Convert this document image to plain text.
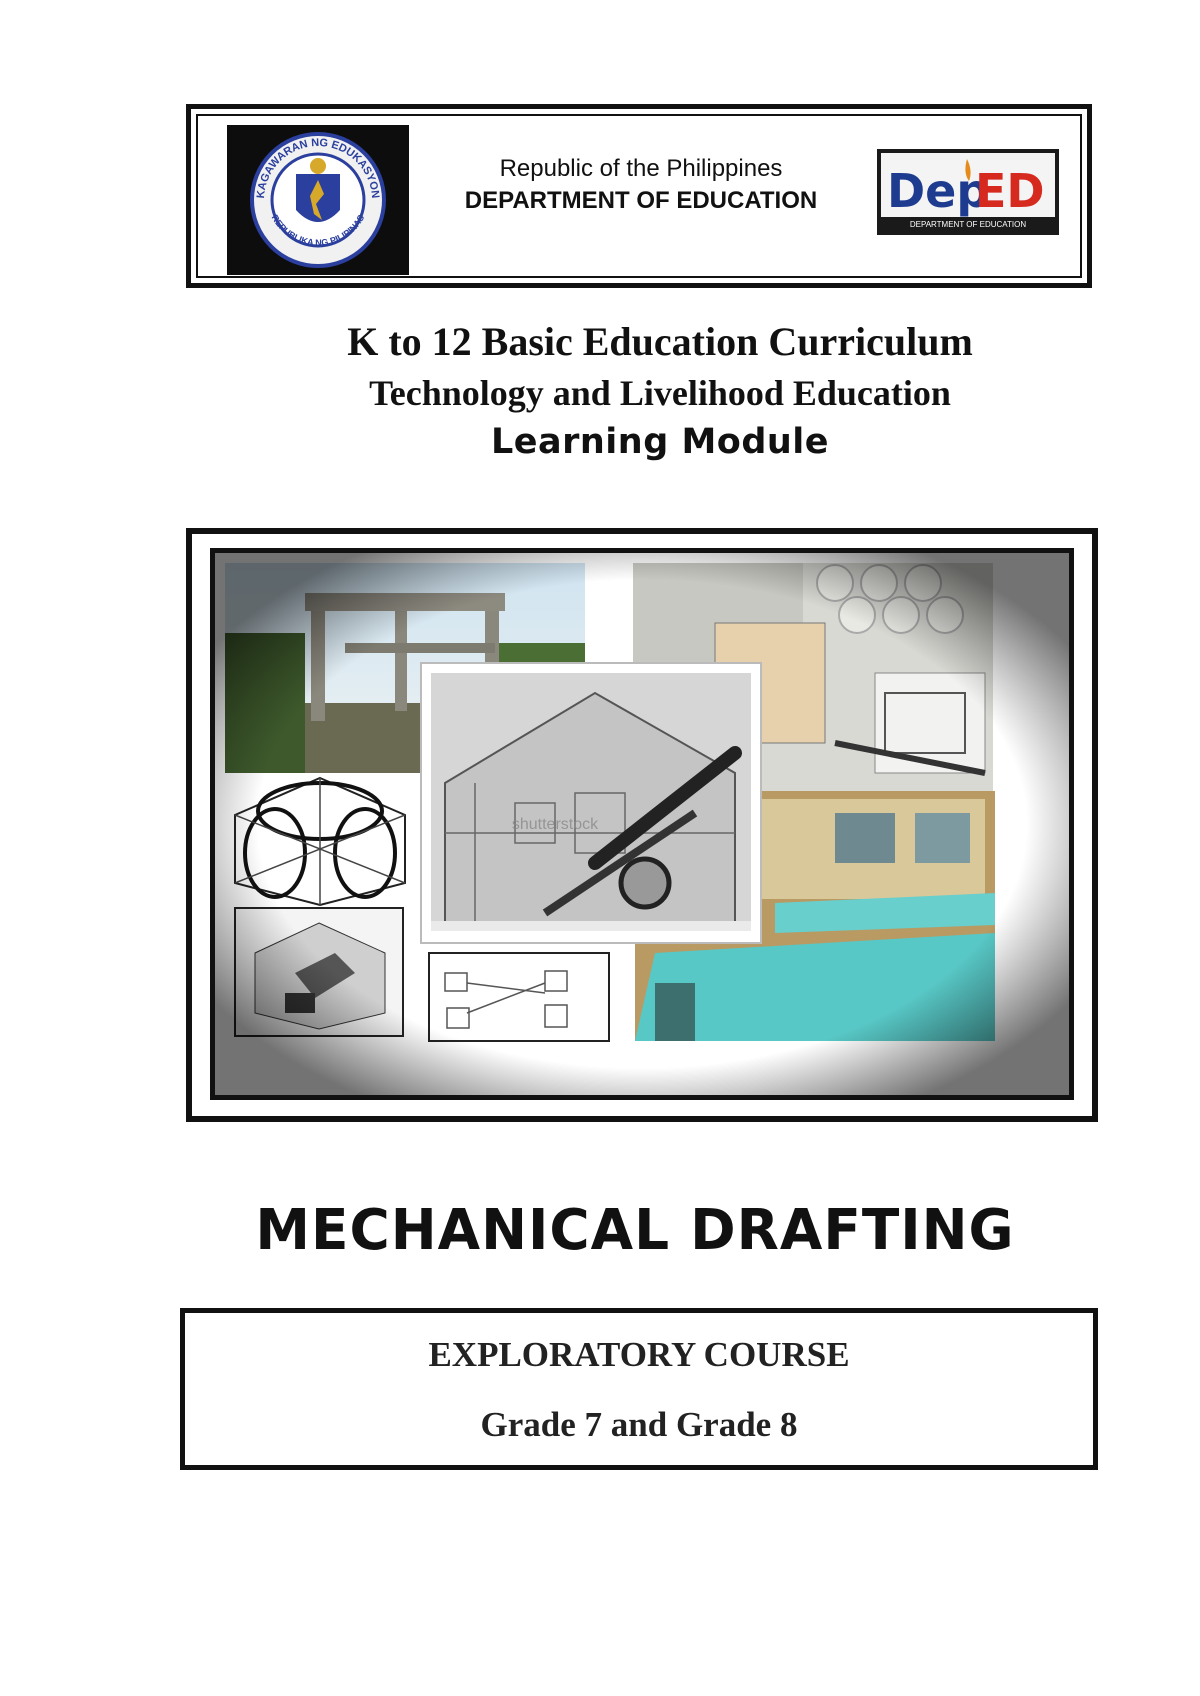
KAGAWARAN NG EDUKASYON
REPUBLIKA NG PILIPINAS
Republic of the Philippines
DEPARTMENT OF EDUCATION	Dep
ED
DEPARTMENT OF EDUCATION
K to 12 Basic Education Curriculum
Technology and Livelihood Education
Learning Module
MECHANICAL DRAFTING
EXPLORATORY COURSE
Grade 7 and Grade 8
